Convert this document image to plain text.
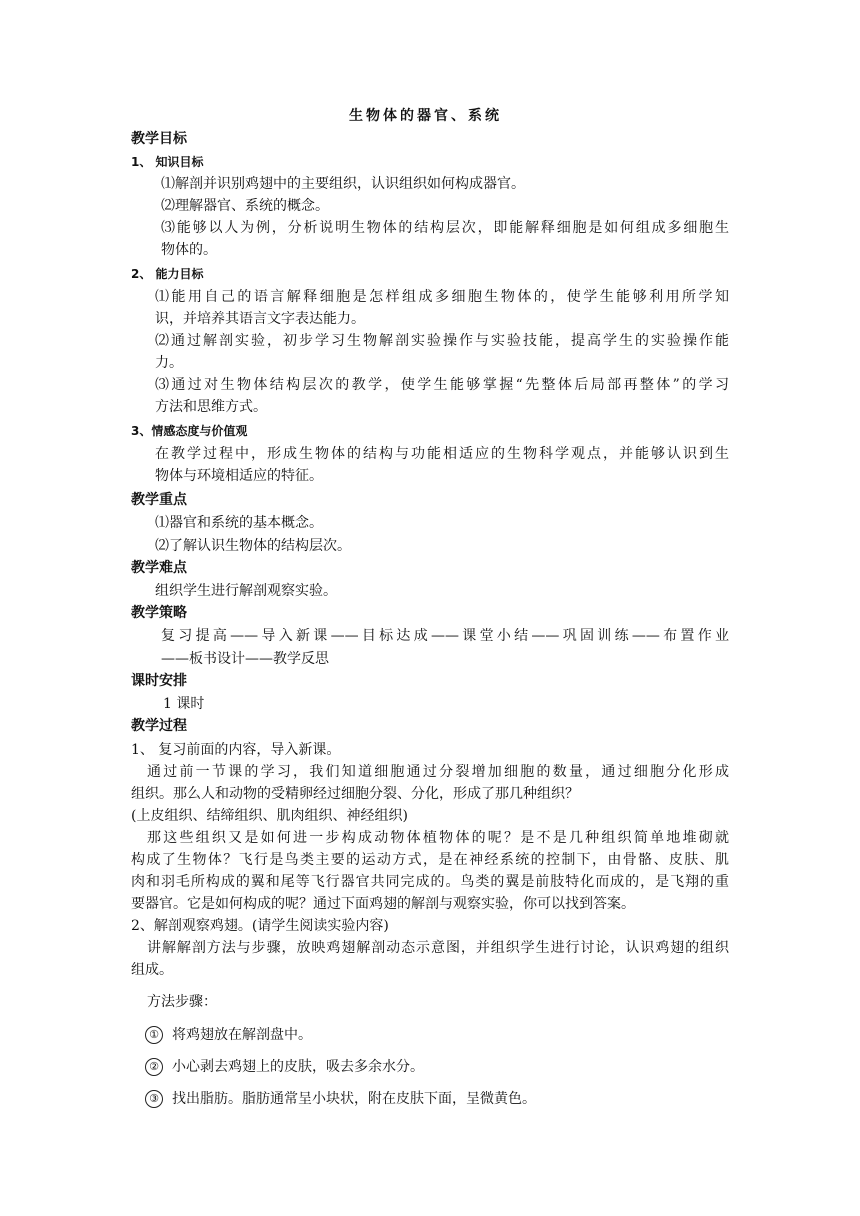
生物体的器官、系统
教学目标
1、 知识目标
⑴解剖并识别鸡翅中的主要组织，认识组织如何构成器官。
⑵理解器官、系统的概念。
⑶能够以人为例，分析说明生物体的结构层次，即能解释细胞是如何组成多细胞生
物体的。
2、 能力目标
⑴能用自己的语言解释细胞是怎样组成多细胞生物体的，使学生能够利用所学知
识，并培养其语言文字表达能力。
⑵通过解剖实验，初步学习生物解剖实验操作与实验技能，提高学生的实验操作能
力。
⑶通过对生物体结构层次的教学，使学生能够掌握“先整体后局部再整体”的学习
方法和思维方式。
3、情感态度与价值观
在教学过程中，形成生物体的结构与功能相适应的生物科学观点，并能够认识到生
物体与环境相适应的特征。
教学重点
⑴器官和系统的基本概念。
⑵了解认识生物体的结构层次。
教学难点
组织学生进行解剖观察实验。
教学策略
复习提高——导入新课——目标达成——课堂小结——巩固训练——布置作业
——板书设计——教学反思
课时安排
1 课时
教学过程
1、 复习前面的内容，导入新课。
通过前一节课的学习，我们知道细胞通过分裂增加细胞的数量，通过细胞分化形成
组织。那么人和动物的受精卵经过细胞分裂、分化，形成了那几种组织？
(上皮组织、结缔组织、肌肉组织、神经组织)
那这些组织又是如何进一步构成动物体植物体的呢？是不是几种组织简单地堆砌就
构成了生物体？飞行是鸟类主要的运动方式，是在神经系统的控制下，由骨骼、皮肤、肌
肉和羽毛所构成的翼和尾等飞行器官共同完成的。鸟类的翼是前肢特化而成的，是飞翔的重
要器官。它是如何构成的呢？通过下面鸡翅的解剖与观察实验，你可以找到答案。
2、解剖观察鸡翅。(请学生阅读实验内容)
讲解解剖方法与步骤，放映鸡翅解剖动态示意图，并组织学生进行讨论，认识鸡翅的组织
组成。
方法步骤：
① 将鸡翅放在解剖盘中。
② 小心剥去鸡翅上的皮肤，吸去多余水分。
③ 找出脂肪。脂肪通常呈小块状，附在皮肤下面，呈微黄色。
